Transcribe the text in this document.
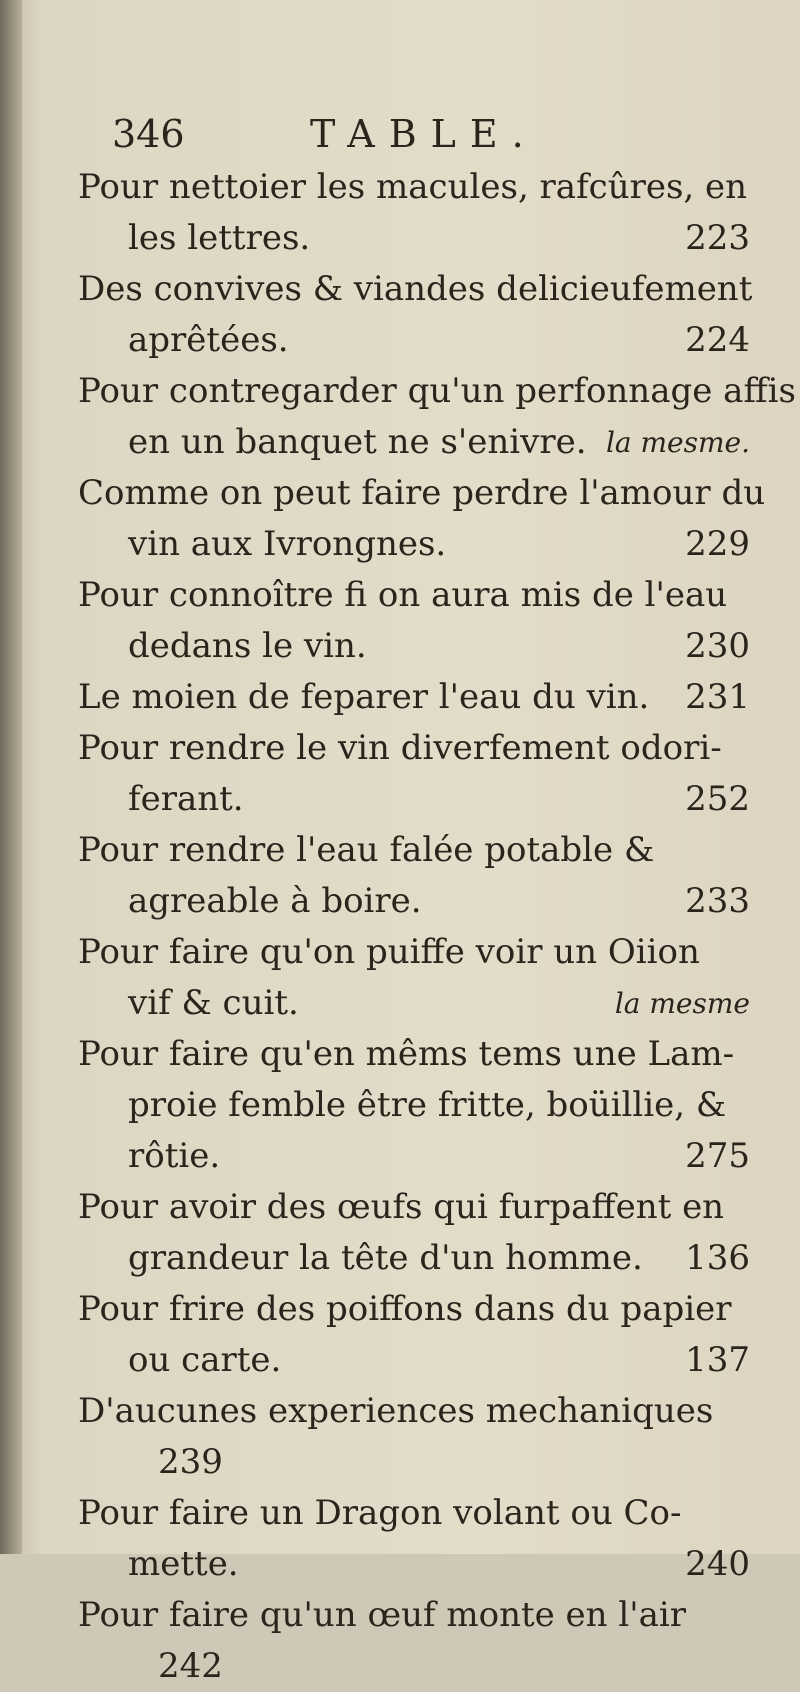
346	TABLE.
Pour nettoier les macules, rafcûres, en
les lettres.	223
Des convives & viandes delicieufement
aprêtées.	224
Pour contregarder qu'un perfonnage affis
en un banquet ne s'enivre. la mesme.
Comme on peut faire perdre l'amour du
vin aux Ivrongnes.	229
Pour connoître fi on aura mis de l'eau
dedans le vin.	230
Le moien de feparer l'eau du vin. 231
Pour rendre le vin diverfement odori-
ferant.	252
Pour rendre l'eau falée potable &
agreable à boire.	233
Pour faire qu'on puiffe voir un Oiion
vif & cuit.	la mesme
Pour faire qu'en mêms tems une Lam-
proie femble être fritte, boüillie, &
rôtie.	275
Pour avoir des œufs qui furpaffent en
grandeur la tête d'un homme. 136
Pour frire des poiffons dans du papier
ou carte.	137
D'aucunes experiences mechaniques
239
Pour faire un Dragon volant ou Co-
mette.	240
Pour faire qu'un œuf monte en l'air
242
